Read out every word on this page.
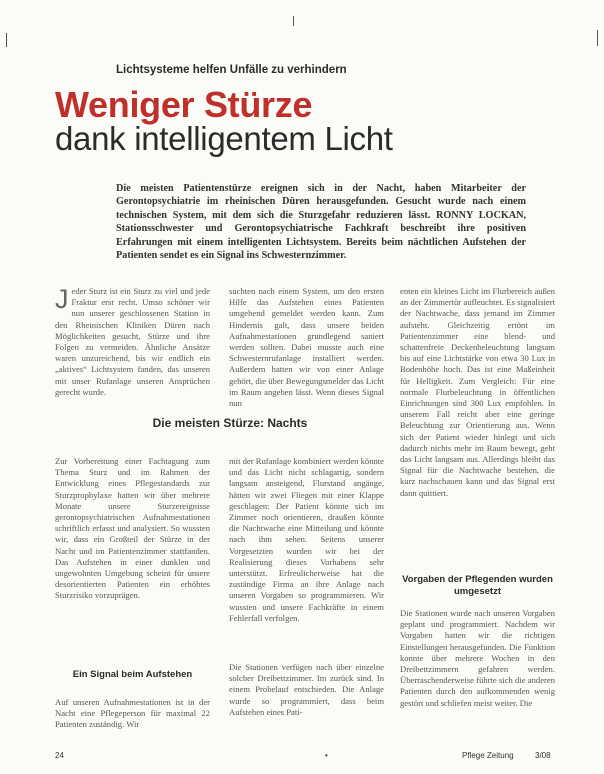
Lichtsysteme helfen Unfälle zu verhindern
Weniger Stürze
dank intelligentem Licht
Die meisten Patientenstürze ereignen sich in der Nacht, haben Mitarbeiter der Gerontopsychiatrie im rheinischen Düren herausgefunden. Gesucht wurde nach einem technischen System, mit dem sich die Sturzgefahr reduzieren lässt. RONNY LOCKAN, Stationsschwester und Gerontopsychiatrische Fachkraft beschreibt ihre positiven Erfahrungen mit einem intelligenten Lichtsystem. Bereits beim nächtlichen Aufstehen der Patienten sendet es ein Signal ins Schwesternzimmer.
J eder Sturz ist ein Sturz zu viel und jede Fraktur erst recht. Umso schöner wir nun unserer geschlossenen Station in den Rheinischen Kliniken Düren nach Möglichkeiten gesucht, Stürze und ihre Folgen zu vermeiden. Ähnliche Ansätze waren unzureichend, bis wir endlich ein „aktives“ Lichtsystem fanden, das unseren mit unser Rufanlage unseren Ansprüchen gerecht wurde.

Die meisten Stürze: Nachts

Zur Vorbereitung einer Fachtagung zum Thema Sturz und im Rahmen der Entwicklung eines Pflegestandards zur Sturzprophylaxe hatten wir über mehrere Monate unsere Sturzereignisse gerontopsychiatrischen Aufnahmestationen schriftlich erfasst und analysiert. So wussten wir, dass ein Großteil der Stürze in der Nacht und im Patientenzimmer stattfanden. Das Aufstehen in einer dunklen und ungewohnten Umgebung scheint für unsere desorientierten Patienten ein erhöhtes Sturzrisiko vorzuprägen.

Ein Signal beim Aufstehen

Auf unseren Aufnahmestationen ist in der Nacht eine Pflegeperson für maximal 22 Patienten zuständig. Wir

suchten nach einem System, um den ersten Hilfe das Aufstehen eines Patienten umgehend gemeldet werden kann. Zum Hindernis galt, dass unsere beiden Aufnahmestationen grundlegend saniert werden sollten. Dabei musste auch eine Schwesternrufanlage installiert werden. Außerdem hatten wir von einer Anlage gehört, die über Bewegungsmelder das Licht im Raum angeben lässt. Wenn dieses Signal nun

mit der Rufanlage kombiniert werden könnte und das Licht nicht schlagartig, sondern langsam ansteigend, Flurstand angänge, hätten wir zwei Fliegen mit einer Klappe geschlagen: Der Patient könnte sich im Zimmer noch orientieren, draußen könnte die Nachtwache eine Mitteilung und könnte nach ihm sehen. Seitens unserer Vorgesetzten wurden wir bei der Realisierung dieses Vorhabens sehr unterstützt. Erfreulicherweise hat die zuständige Firma an ihre Anlage nach unseren Vorgaben so programmieren. Wir wussten und unsere Fachkräfte in einem Fehlerfall verfolgen.

Die Stationen verfügen nach über einzelne solcher Dreibettzimmer. Im zurück sind. In einem Probelauf entschieden. Die Anlage wurde so programmiert, dass beim Aufstehen eines Pati-

enten ein kleines Licht im Flurbereich außen an der Zimmertür aufleuchtet. Es signalisiert der Nachtwache, dass jemand im Zimmer aufsteht. Gleichzeitig ertönt im Patientenzimmer eine blend- und schattenfreie Deckenbeleuchtung langsam bis auf eine Lichtstärke von etwa 30 Lux in Bodenhöhe hoch. Das ist eine Maßeinheit für Helligkeit. Zum Vergleich: Für eine normale Flurbeleuchtung in öffentlichen Einrichtungen sind 300 Lux empfohlen. In unserem Fall reicht aber eine geringe Beleuchtung zur Orientierung aus. Wenn sich der Patient wieder hinlegt und sich dadurch nichts mehr im Raum bewegt, geht das Licht langsam aus. Allerdings bleibt das Signal für die Nachtwache bestehen, die kurz nachschauen kann und das Signal erst dann quittiert.

Vorgaben der Pflegenden wurden umgesetzt

Die Stationen wurde nach unseren Vorgaben geplant und programmiert. Nachdem wir Vorgaben hatten wir die richtigen Einstellungen herausgefunden. Die Funktion konnte über mehrere Wochen in den Dreibettzimmern gefahren werden. Überraschenderweise führte sich die anderen Patienten durch den aufkommenden wenig gestört und schliefen meist weiter. Die

24	•	Pflege Zeitung	3/08
